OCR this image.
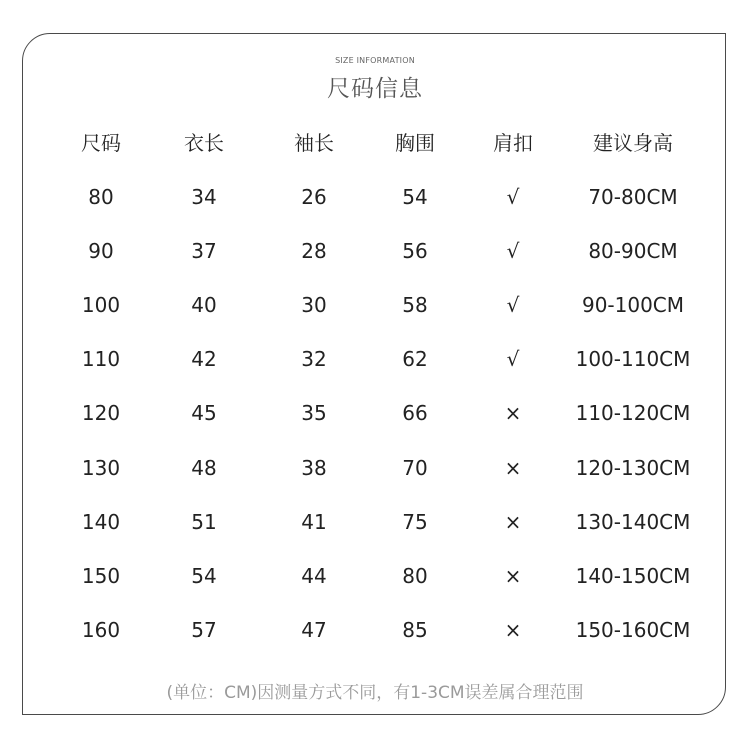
SIZE INFORMATION
尺码信息
尺码	衣长	袖长	胸围	肩扣	建议身高
80	34	26	54	√	70-80CM
90	37	28	56	√	80-90CM
100	40	30	58	√	90-100CM
110	42	32	62	√	100-110CM
120	45	35	66	×	110-120CM
130	48	38	70	×	120-130CM
140	51	41	75	×	130-140CM
150	54	44	80	×	140-150CM
160	57	47	85	×	150-160CM
(单位：CM)因测量方式不同，有1-3CM误差属合理范围
